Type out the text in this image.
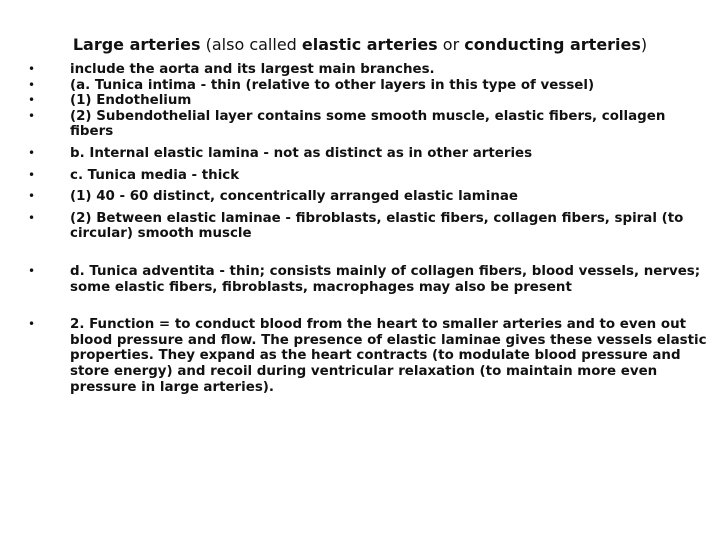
Large arteries (also called elastic arteries or conducting arteries)
• include the aorta and its largest main branches.
• (a. Tunica intima - thin (relative to other layers in this type of vessel)
• (1) Endothelium
• (2) Subendothelial layer contains some smooth muscle, elastic fibers, collagen fibers
• b. Internal elastic lamina - not as distinct as in other arteries
• c. Tunica media - thick
• (1) 40 - 60 distinct, concentrically arranged elastic laminae
• (2) Between elastic laminae - fibroblasts, elastic fibers, collagen fibers, spiral (to circular) smooth muscle
• d. Tunica adventita - thin; consists mainly of collagen fibers, blood vessels, nerves; some elastic fibers, fibroblasts, macrophages may also be present
• 2. Function = to conduct blood from the heart to smaller arteries and to even out blood pressure and flow. The presence of elastic laminae gives these vessels elastic properties. They expand as the heart contracts (to modulate blood pressure and store energy) and recoil during ventricular relaxation (to maintain more even pressure in large arteries).
